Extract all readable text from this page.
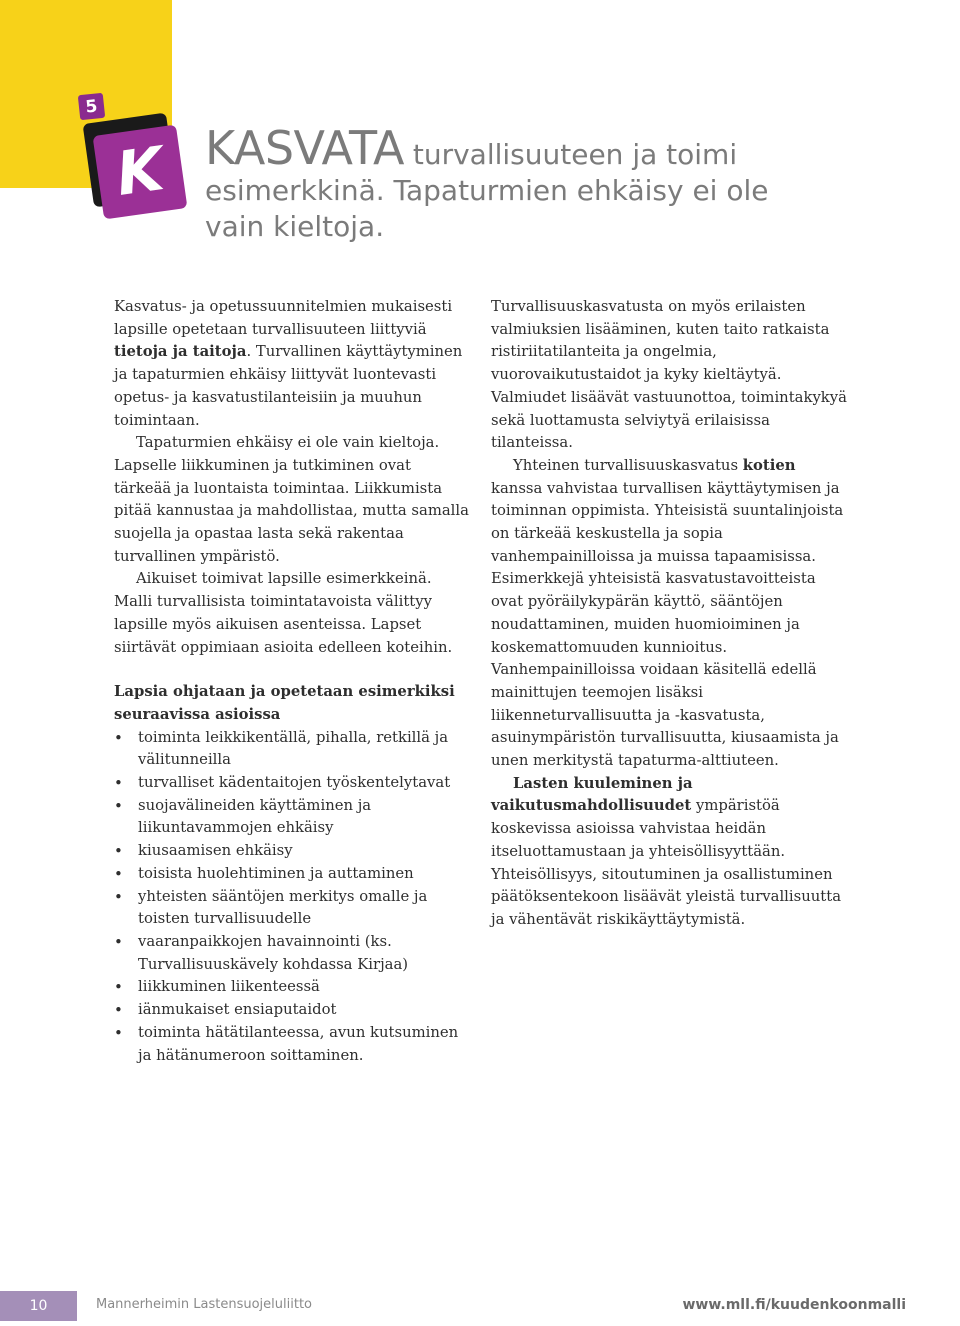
5
K KASVATA turvallisuuteen ja toimi
esimerkkinä. Tapaturmien ehkäisy ei ole
vain kieltoja.

Kasvatus- ja opetussuunnitelmien mukaisesti lapsille opetetaan turvallisuuteen liittyviä tietoja ja taitoja. Turvallinen käyttäytyminen ja tapaturmien ehkäisy liittyvät luontevasti opetus- ja kasvatustilanteisiin ja muuhun toimintaan.

Tapaturmien ehkäisy ei ole vain kieltoja. Lapselle liikkuminen ja tutkiminen ovat tärkeää ja luontaista toimintaa. Liikkumista pitää kannustaa ja mahdollistaa, mutta samalla suojella ja opastaa lasta sekä rakentaa turvallinen ympäristö.

Aikuiset toimivat lapsille esimerkkeinä. Malli turvallisista toimintatavoista välittyy lapsille myös aikuisen asenteissa. Lapset siirtävät oppimiaan asioita edelleen koteihin.

Lapsia ohjataan ja opetetaan esimerkiksi seuraavissa asioissa

• toiminta leikkikentällä, pihalla, retkillä ja välitunneilla
• turvalliset kädentaitojen työskentelytavat
• suojavälineiden käyttäminen ja liikuntavammojen ehkäisy
• kiusaamisen ehkäisy
• toisista huolehtiminen ja auttaminen
• yhteisten sääntöjen merkitys omalle ja toisten turvallisuudelle
• vaaranpaikkojen havainnointi (ks. Turvallisuuskävely kohdassa Kirjaa)
• liikkuminen liikenteessä
• iänmukaiset ensiaputaidot
• toiminta hätätilanteessa, avun kutsuminen ja hätänumeroon soittaminen.

Turvallisuuskasvatusta on myös erilaisten valmiuksien lisääminen, kuten taito ratkaista ristiriitatilanteita ja ongelmia, vuorovaikutustaidot ja kyky kieltäytyä. Valmiudet lisäävät vastuunottoa, toimintakykyä sekä luottamusta selviytyä erilaisissa tilanteissa.

Yhteinen turvallisuuskasvatus kotien kanssa vahvistaa turvallisen käyttäytymisen ja toiminnan oppimista. Yhteisistä suuntalinjoista on tärkeää keskustella ja sopia vanhempainilloissa ja muissa tapaamisissa. Esimerkkejä yhteisistä kasvatustavoitteista ovat pyöräilykypärän käyttö, sääntöjen noudattaminen, muiden huomioiminen ja koskemattomuuden kunnioitus. Vanhempainilloissa voidaan käsitellä edellä mainittujen teemojen lisäksi liikenneturvallisuutta ja -kasvatusta, asuinympäristön turvallisuutta, kiusaamista ja unen merkitystä tapaturma-alttiuteen.

Lasten kuuleminen ja vaikutusmahdollisuudet ympäristöä koskevissa asioissa vahvistaa heidän itseluottamustaan ja yhteisöllisyyttään. Yhteisöllisyys, sitoutuminen ja osallistuminen päätöksentekoon lisäävät yleistä turvallisuutta ja vähentävät riskikäyttäytymistä.

10	Mannerheimin Lastensuojeluliitto	www.mll.fi/kuudenkoonmalli
